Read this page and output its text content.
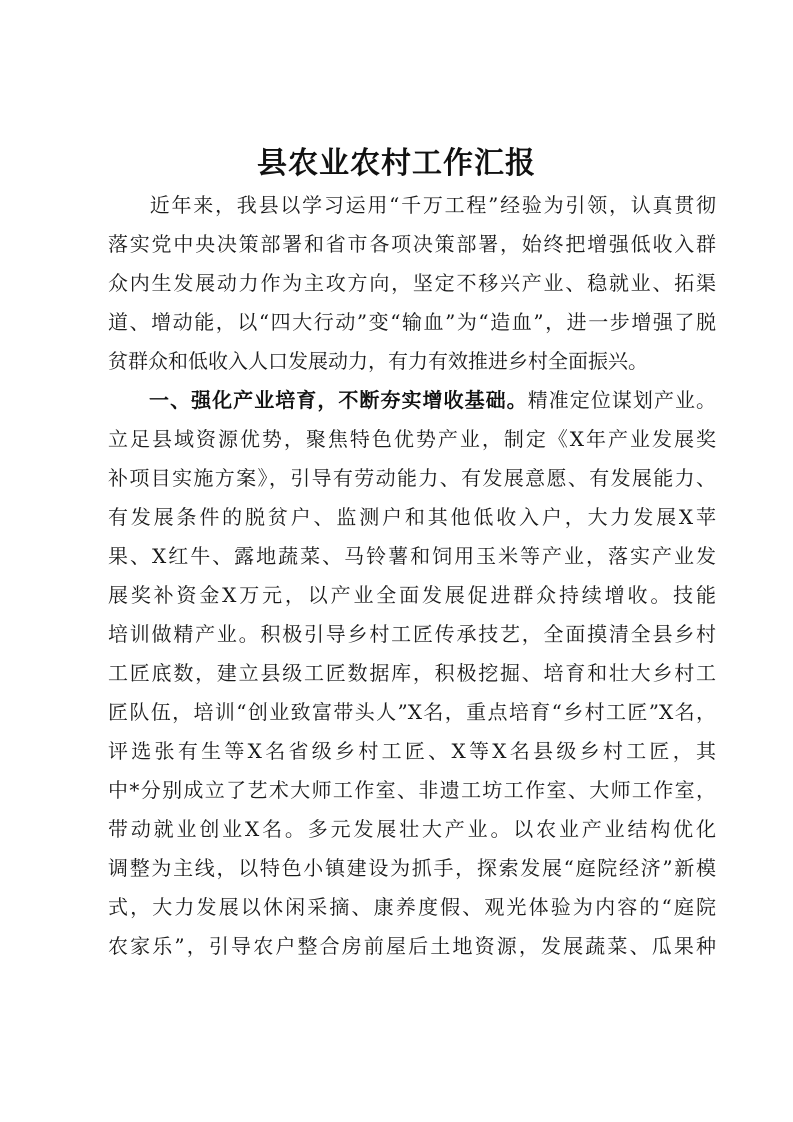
县农业农村工作汇报
近年来，我县以学习运用“千万工程”经验为引领，认真贯彻
落实党中央决策部署和省市各项决策部署，始终把增强低收入群
众内生发展动力作为主攻方向，坚定不移兴产业、稳就业、拓渠
道、增动能，以“四大行动”变“输血”为“造血”，进一步增强了脱
贫群众和低收入人口发展动力，有力有效推进乡村全面振兴。
一、强化产业培育，不断夯实增收基础。精准定位谋划产业。
立足县域资源优势，聚焦特色优势产业，制定《X年产业发展奖
补项目实施方案》，引导有劳动能力、有发展意愿、有发展能力、
有发展条件的脱贫户、监测户和其他低收入户，大力发展X苹
果、X红牛、露地蔬菜、马铃薯和饲用玉米等产业，落实产业发
展奖补资金X万元，以产业全面发展促进群众持续增收。技能
培训做精产业。积极引导乡村工匠传承技艺，全面摸清全县乡村
工匠底数，建立县级工匠数据库，积极挖掘、培育和壮大乡村工
匠队伍，培训“创业致富带头人”X名，重点培育“乡村工匠”X名，
评选张有生等X名省级乡村工匠、X等X名县级乡村工匠，其
中*分别成立了艺术大师工作室、非遗工坊工作室、大师工作室，
带动就业创业X名。多元发展壮大产业。以农业产业结构优化
调整为主线，以特色小镇建设为抓手，探索发展“庭院经济”新模
式，大力发展以休闲采摘、康养度假、观光体验为内容的“庭院
农家乐”，引导农户整合房前屋后土地资源，发展蔬菜、瓜果种
